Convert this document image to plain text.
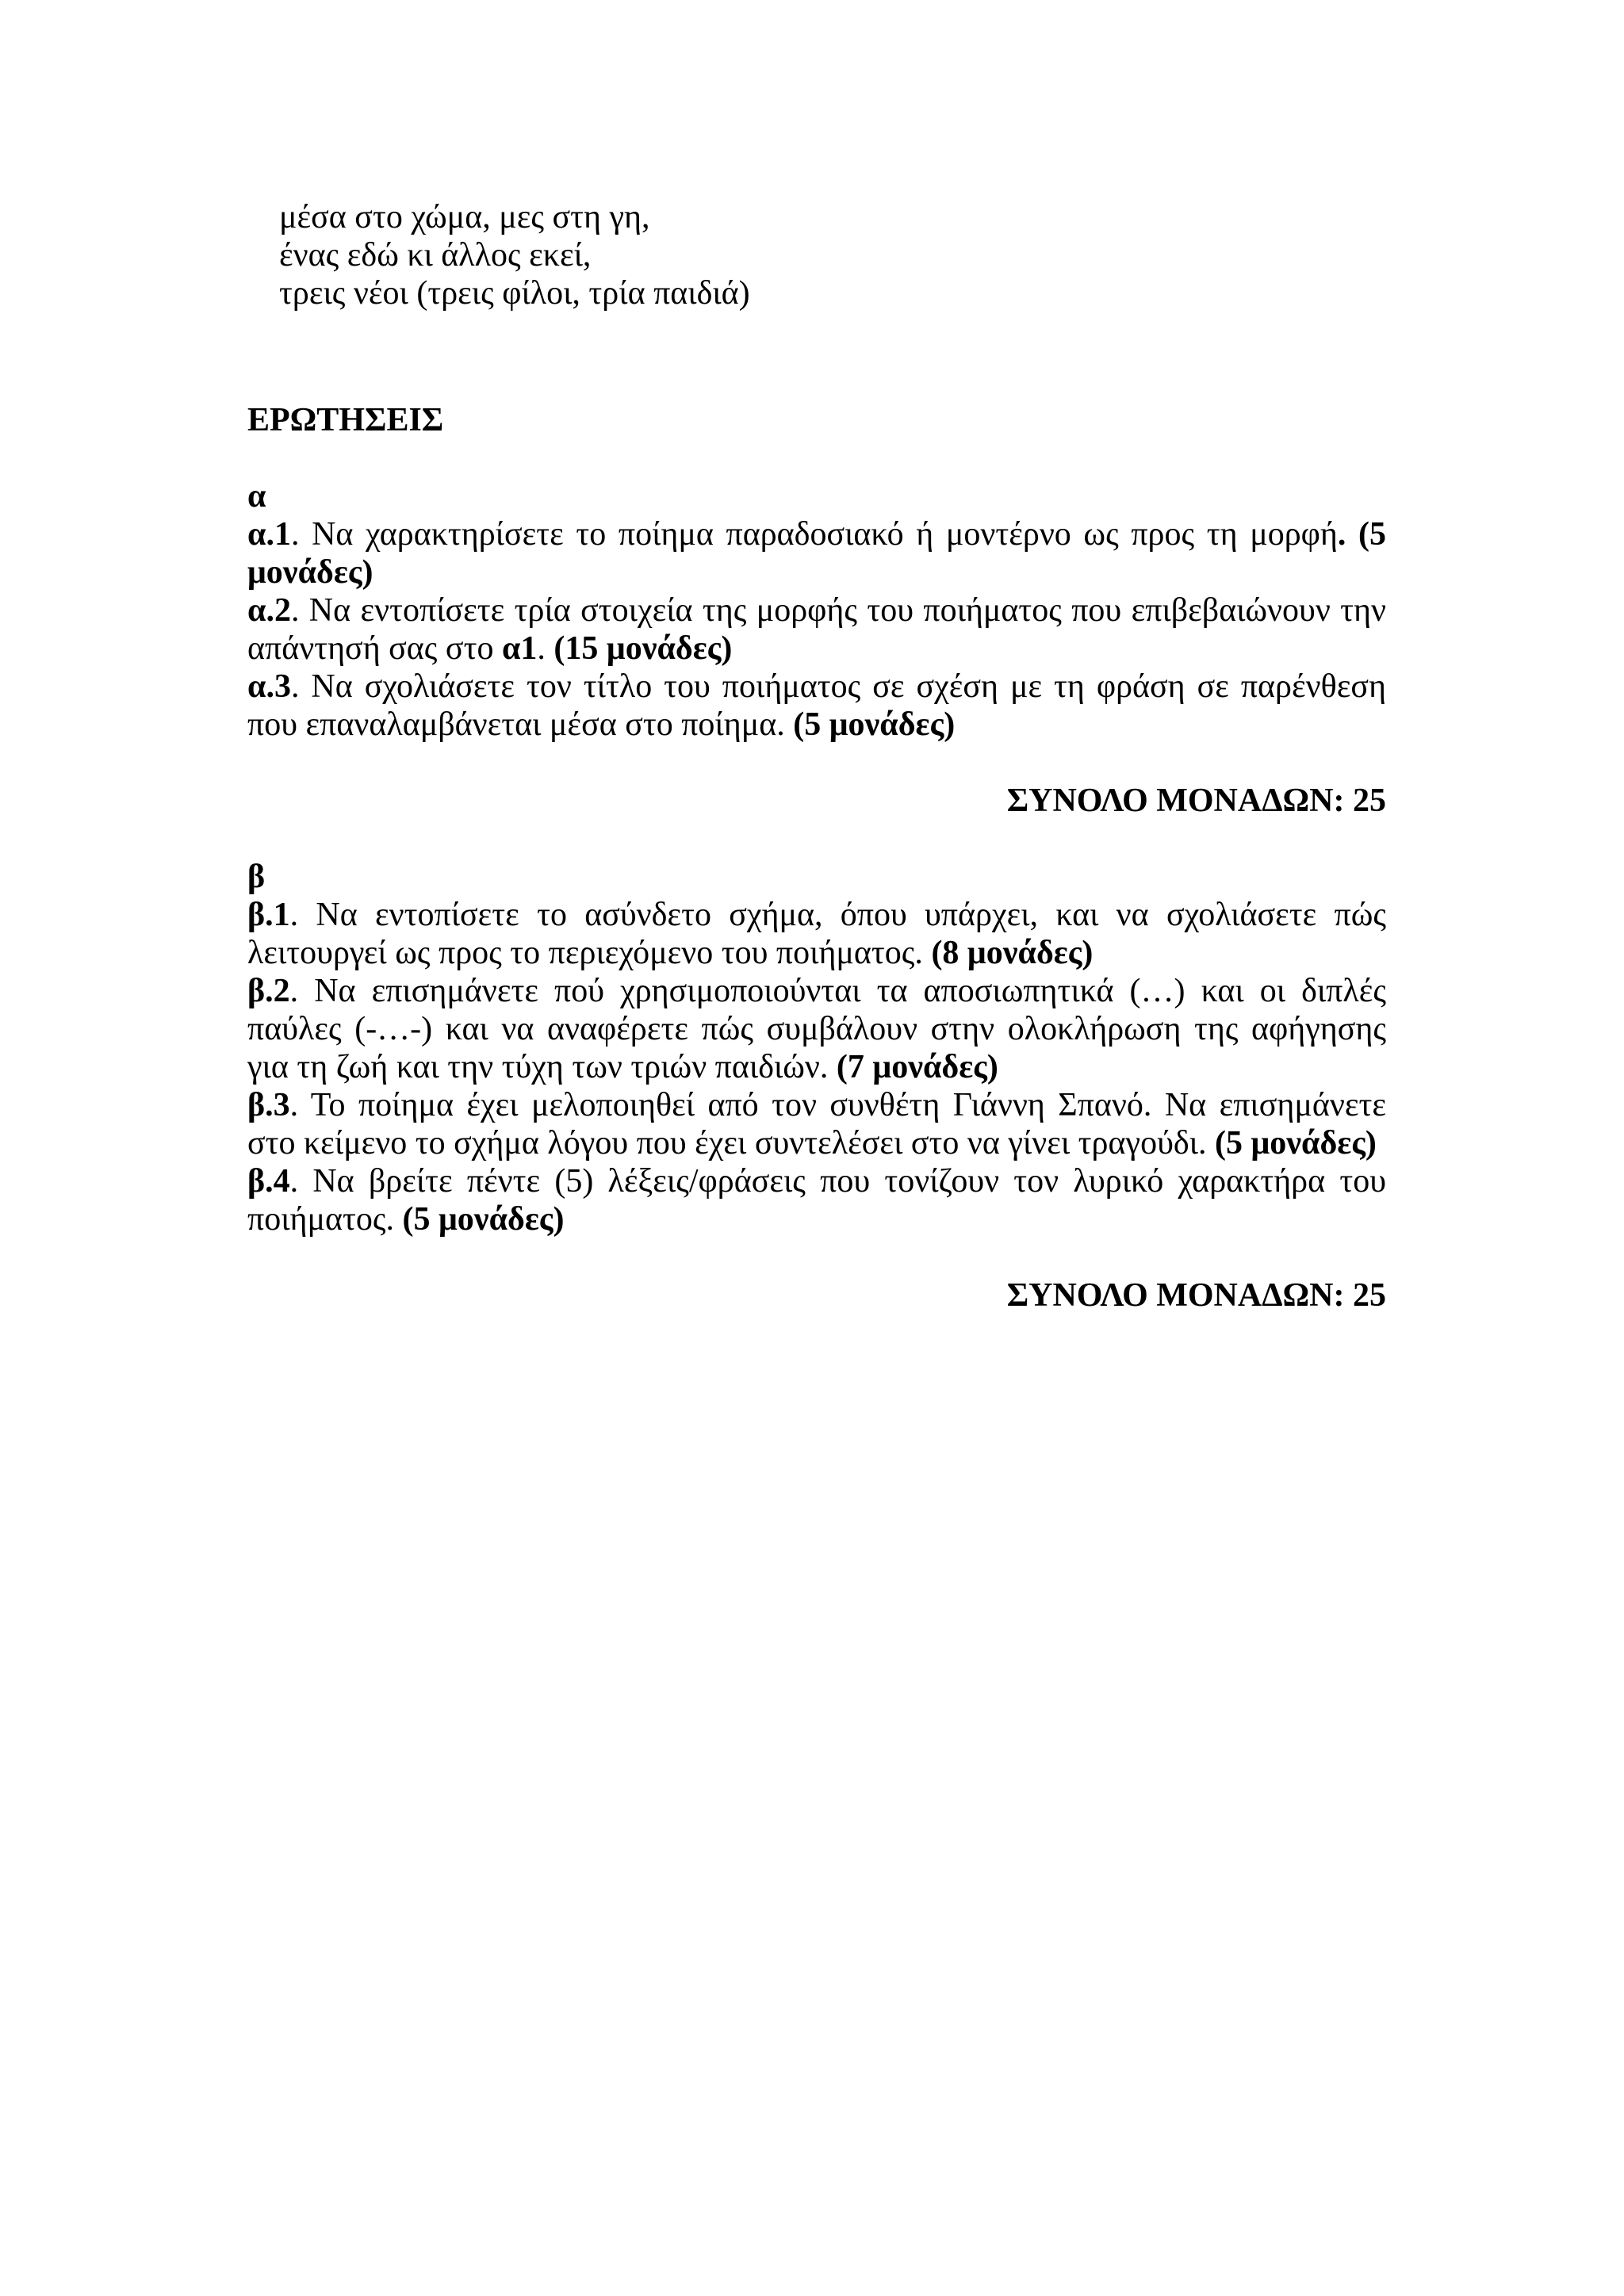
μέσα στο χώμα, μες στη γη,
ένας εδώ κι άλλος εκεί,
τρεις νέοι (τρεις φίλοι, τρία παιδιά)
ΕΡΩΤΗΣΕΙΣ
α
α.1. Να χαρακτηρίσετε το ποίημα παραδοσιακό ή μοντέρνο ως προς τη μορφή. (5 μονάδες)
α.2. Να εντοπίσετε τρία στοιχεία της μορφής του ποιήματος που επιβεβαιώνουν την απάντησή σας στο α1. (15 μονάδες)
α.3. Να σχολιάσετε τον τίτλο του ποιήματος σε σχέση με τη φράση σε παρένθεση που επαναλαμβάνεται μέσα στο ποίημα. (5 μονάδες)
ΣΥΝΟΛΟ ΜΟΝΑΔΩΝ: 25
β
β.1. Να εντοπίσετε το ασύνδετο σχήμα, όπου υπάρχει, και να σχολιάσετε πώς λειτουργεί ως προς το περιεχόμενο του ποιήματος. (8 μονάδες)
β.2. Να επισημάνετε πού χρησιμοποιούνται τα αποσιωπητικά (…) και οι διπλές παύλες (-…-) και να αναφέρετε πώς συμβάλουν στην ολοκλήρωση της αφήγησης για τη ζωή και την τύχη των τριών παιδιών. (7 μονάδες)
β.3. Το ποίημα έχει μελοποιηθεί από τον συνθέτη Γιάννη Σπανό. Να επισημάνετε στο κείμενο το σχήμα λόγου που έχει συντελέσει στο να γίνει τραγούδι. (5 μονάδες)
β.4. Να βρείτε πέντε (5) λέξεις/φράσεις που τονίζουν τον λυρικό χαρακτήρα του ποιήματος. (5 μονάδες)
ΣΥΝΟΛΟ ΜΟΝΑΔΩΝ: 25
